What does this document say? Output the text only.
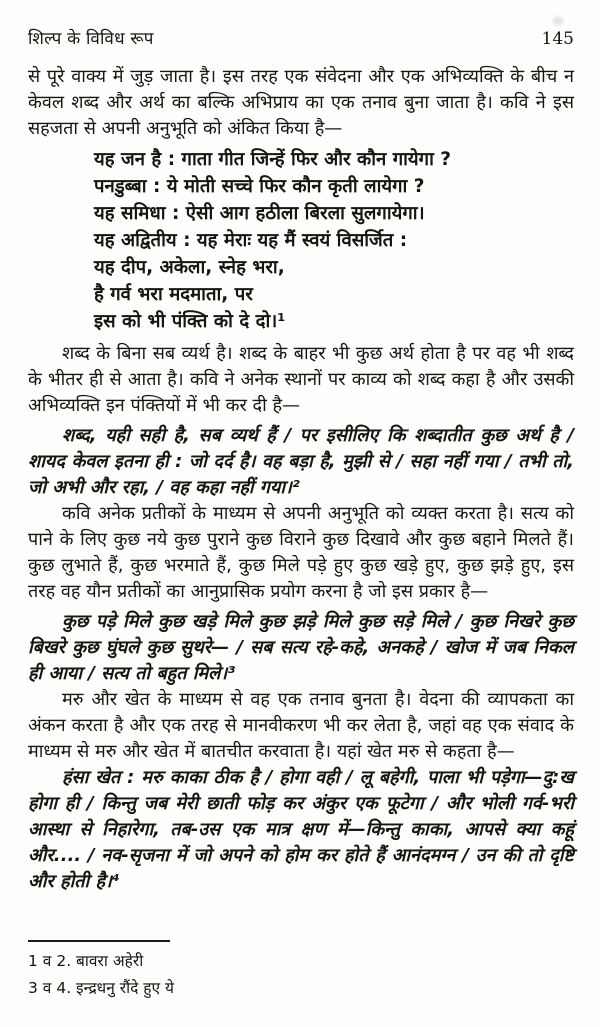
शिल्प के विविध रूप	145

से पूरे वाक्य में जुड़ जाता है। इस तरह एक संवेदना और एक अभिव्यक्ति के बीच न केवल शब्द और अर्थ का बल्कि अभिप्राय का एक तनाव बुना जाता है। कवि ने इस सहजता से अपनी अनुभूति को अंकित किया है—

यह जन है : गाता गीत जिन्हें फिर और कौन गायेगा ?
पनडुब्बा : ये मोती सच्चे फिर कौन कृती लायेगा ?
यह समिधा : ऐसी आग हठीला बिरला सुलगायेगा।
यह अद्वितीय : यह मेराः यह मैं स्वयं विसर्जित :
यह दीप, अकेला, स्नेह भरा,
है गर्व भरा मदमाता, पर
इस को भी पंक्ति को दे दो।¹

शब्द के बिना सब व्यर्थ है। शब्द के बाहर भी कुछ अर्थ होता है पर वह भी शब्द के भीतर ही से आता है। कवि ने अनेक स्थानों पर काव्य को शब्द कहा है और उसकी अभिव्यक्ति इन पंक्तियों में भी कर दी है—

शब्द, यही सही है, सब व्यर्थ हैं / पर इसीलिए कि शब्दातीत कुछ अर्थ है / शायद केवल इतना ही : जो दर्द है। वह बड़ा है, मुझी से / सहा नहीं गया / तभी तो, जो अभी और रहा, / वह कहा नहीं गया।²

कवि अनेक प्रतीकों के माध्यम से अपनी अनुभूति को व्यक्त करता है। सत्य को पाने के लिए कुछ नये कुछ पुराने कुछ विराने कुछ दिखावे और कुछ बहाने मिलते हैं। कुछ लुभाते हैं, कुछ भरमाते हैं, कुछ मिले पड़े हुए कुछ खड़े हुए, कुछ झड़े हुए, इस तरह वह यौन प्रतीकों का आनुप्रासिक प्रयोग करना है जो इस प्रकार है—

कुछ पड़े मिले कुछ खड़े मिले कुछ झड़े मिले कुछ सड़े मिले / कुछ निखरे कुछ बिखरे कुछ घुंघले कुछ सुथरे— / सब सत्य रहे-कहे, अनकहे / खोज में जब निकल ही आया / सत्य तो बहुत मिले।³

मरु और खेत के माध्यम से वह एक तनाव बुनता है। वेदना की व्यापकता का अंकन करता है और एक तरह से मानवीकरण भी कर लेता है, जहां वह एक संवाद के माध्यम से मरु और खेत में बातचीत करवाता है। यहां खेत मरु से कहता है—

हंसा खेत : मरु काका ठीक है / होगा वही / लू बहेगी, पाला भी पड़ेगा—दु:ख होगा ही / किन्तु जब मेरी छाती फोड़ कर अंकुर एक फूटेगा / और भोली गर्व-भरी आस्था से निहारेगा, तब-उस एक मात्र क्षण में—किन्तु काका, आपसे क्या कहूं और.... / नव-सृजना में जो अपने को होम कर होते हैं आनंदमग्न / उन की तो दृष्टि और होती है।⁴

1 व 2. बावरा अहेरी
3 व 4. इन्द्रधनु रौंदे हुए ये
